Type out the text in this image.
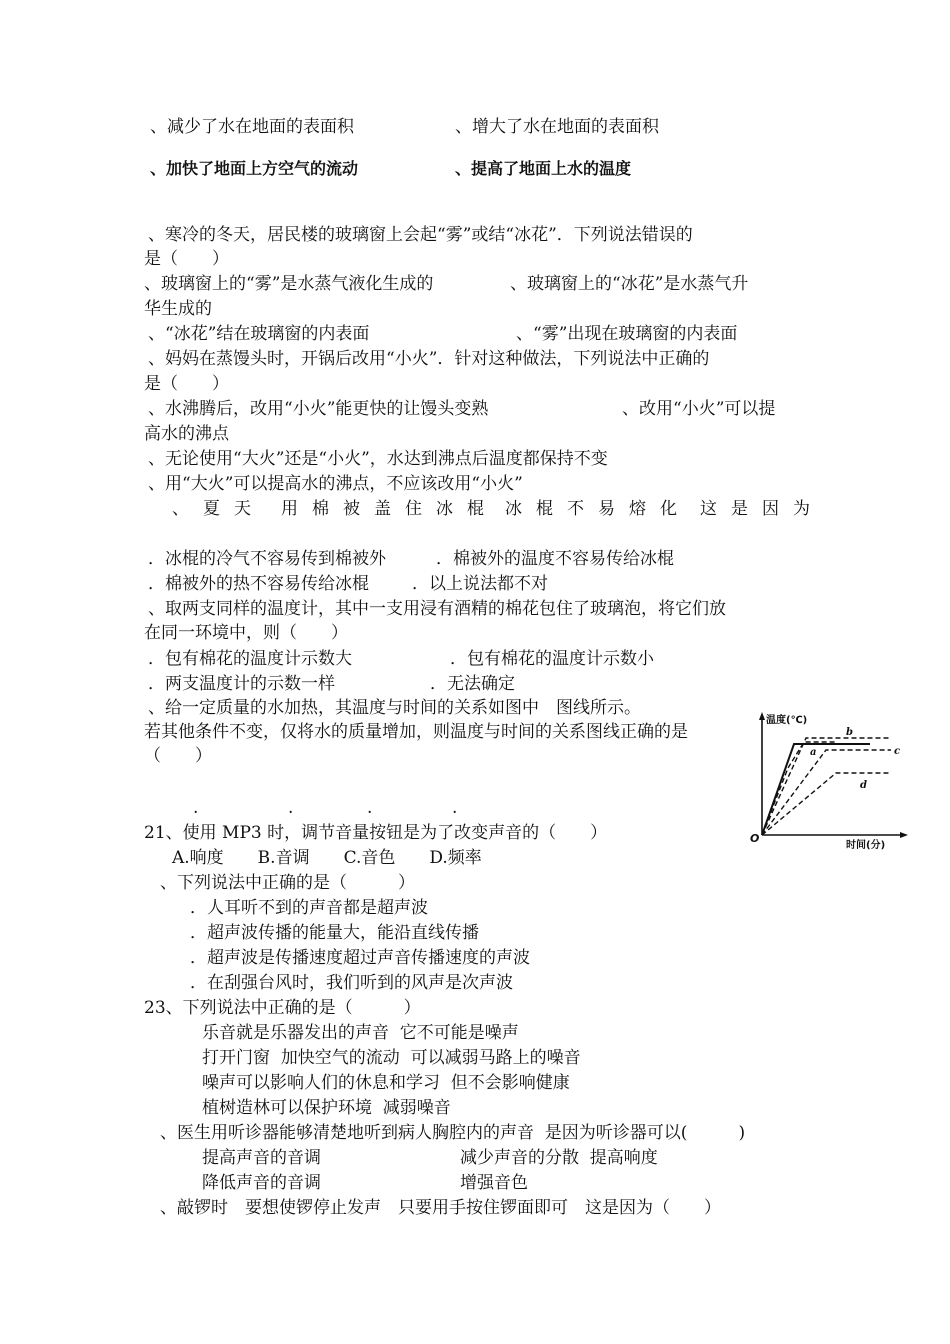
、减少了水在地面的表面积	、增大了水在地面的表面积
、加快了地面上方空气的流动	、提高了地面上水的温度
、寒冷的冬天，居民楼的玻璃窗上会起“雾”或结“冰花”．下列说法错误的
是（　　）
、玻璃窗上的“雾”是水蒸气液化生成的	、玻璃窗上的“冰花”是水蒸气升
华生成的
、“冰花”结在玻璃窗的内表面	、“雾”出现在玻璃窗的内表面
、妈妈在蒸馒头时，开锅后改用“小火”．针对这种做法，下列说法中正确的
是（　　）
、水沸腾后，改用“小火”能更快的让馒头变熟	、改用“小火”可以提
高水的沸点
、无论使用“大火”还是“小火”，水达到沸点后温度都保持不变
、用“大火”可以提高水的沸点，不应该改用“小火”
、夏天 用棉被盖住冰棍 冰棍不易熔化 这是因为
．冰棍的冷气不容易传到棉被外	．棉被外的温度不容易传给冰棍
．棉被外的热不容易传给冰棍	．以上说法都不对
、取两支同样的温度计，其中一支用浸有酒精的棉花包住了玻璃泡，将它们放
在同一环境中，则（　　）
．包有棉花的温度计示数大	．包有棉花的温度计示数小
．两支温度计的示数一样	．无法确定
、给一定质量的水加热，其温度与时间的关系如图中　图线所示。
若其他条件不变，仅将水的质量增加，则温度与时间的关系图线正确的是
（　　）
.	.	.	.
温度(℃)
时间(分)
O
a
b
c
d
21、使用 MP3 时，调节音量按钮是为了改变声音的（　　）
A.响度　　B.音调　　C.音色　　D.频率
、下列说法中正确的是（　　　）
．人耳听不到的声音都是超声波
．超声波传播的能量大，能沿直线传播
．超声波是传播速度超过声音传播速度的声波
．在刮强台风时，我们听到的风声是次声波
23、下列说法中正确的是（　　　）
乐音就是乐器发出的声音  它不可能是噪声
打开门窗  加快空气的流动  可以减弱马路上的噪音
噪声可以影响人们的休息和学习  但不会影响健康
植树造林可以保护环境  减弱噪音
、医生用听诊器能够清楚地听到病人胸腔内的声音  是因为听诊器可以(　　　)
提高声音的音调	减少声音的分散  提高响度
降低声音的音调	增强音色
、敲锣时　要想使锣停止发声　只要用手按住锣面即可　这是因为（　　）
